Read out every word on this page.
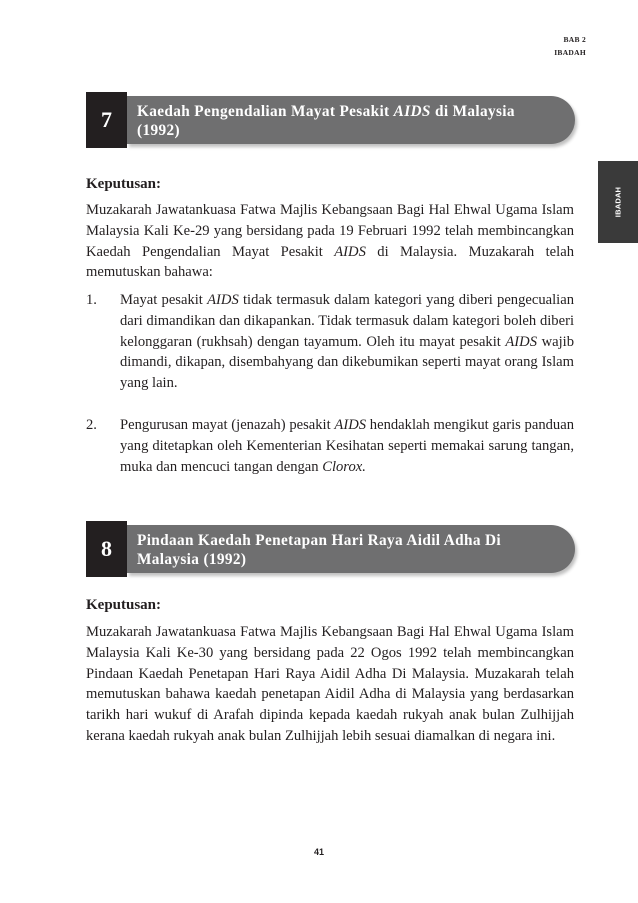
BAB 2
IBADAH
IBADAH
7	Kaedah Pengendalian Mayat Pesakit AIDS di Malaysia
(1992)
Keputusan:
Muzakarah Jawatankuasa Fatwa Majlis Kebangsaan Bagi Hal Ehwal Ugama Islam Malaysia Kali Ke-29 yang bersidang pada 19 Februari 1992 telah membincangkan Kaedah Pengendalian Mayat Pesakit AIDS di Malaysia. Muzakarah telah memutuskan bahawa:
1. Mayat pesakit AIDS tidak termasuk dalam kategori yang diberi pengecualian dari dimandikan dan dikapankan. Tidak termasuk dalam kategori boleh diberi kelonggaran (rukhsah) dengan tayamum. Oleh itu mayat pesakit AIDS wajib dimandi, dikapan, disembahyang dan dikebumikan seperti mayat orang Islam yang lain.
2. Pengurusan mayat (jenazah) pesakit AIDS hendaklah mengikut garis panduan yang ditetapkan oleh Kementerian Kesihatan seperti memakai sarung tangan, muka dan mencuci tangan dengan Clorox.
8	Pindaan Kaedah Penetapan Hari Raya Aidil Adha Di
Malaysia (1992)
Keputusan:
Muzakarah Jawatankuasa Fatwa Majlis Kebangsaan Bagi Hal Ehwal Ugama Islam Malaysia Kali Ke-30 yang bersidang pada 22 Ogos 1992 telah membincangkan Pindaan Kaedah Penetapan Hari Raya Aidil Adha Di Malaysia. Muzakarah telah memutuskan bahawa kaedah penetapan Aidil Adha di Malaysia yang berdasarkan tarikh hari wukuf di Arafah dipinda kepada kaedah rukyah anak bulan Zulhijjah kerana kaedah rukyah anak bulan Zulhijjah lebih sesuai diamalkan di negara ini.
41
